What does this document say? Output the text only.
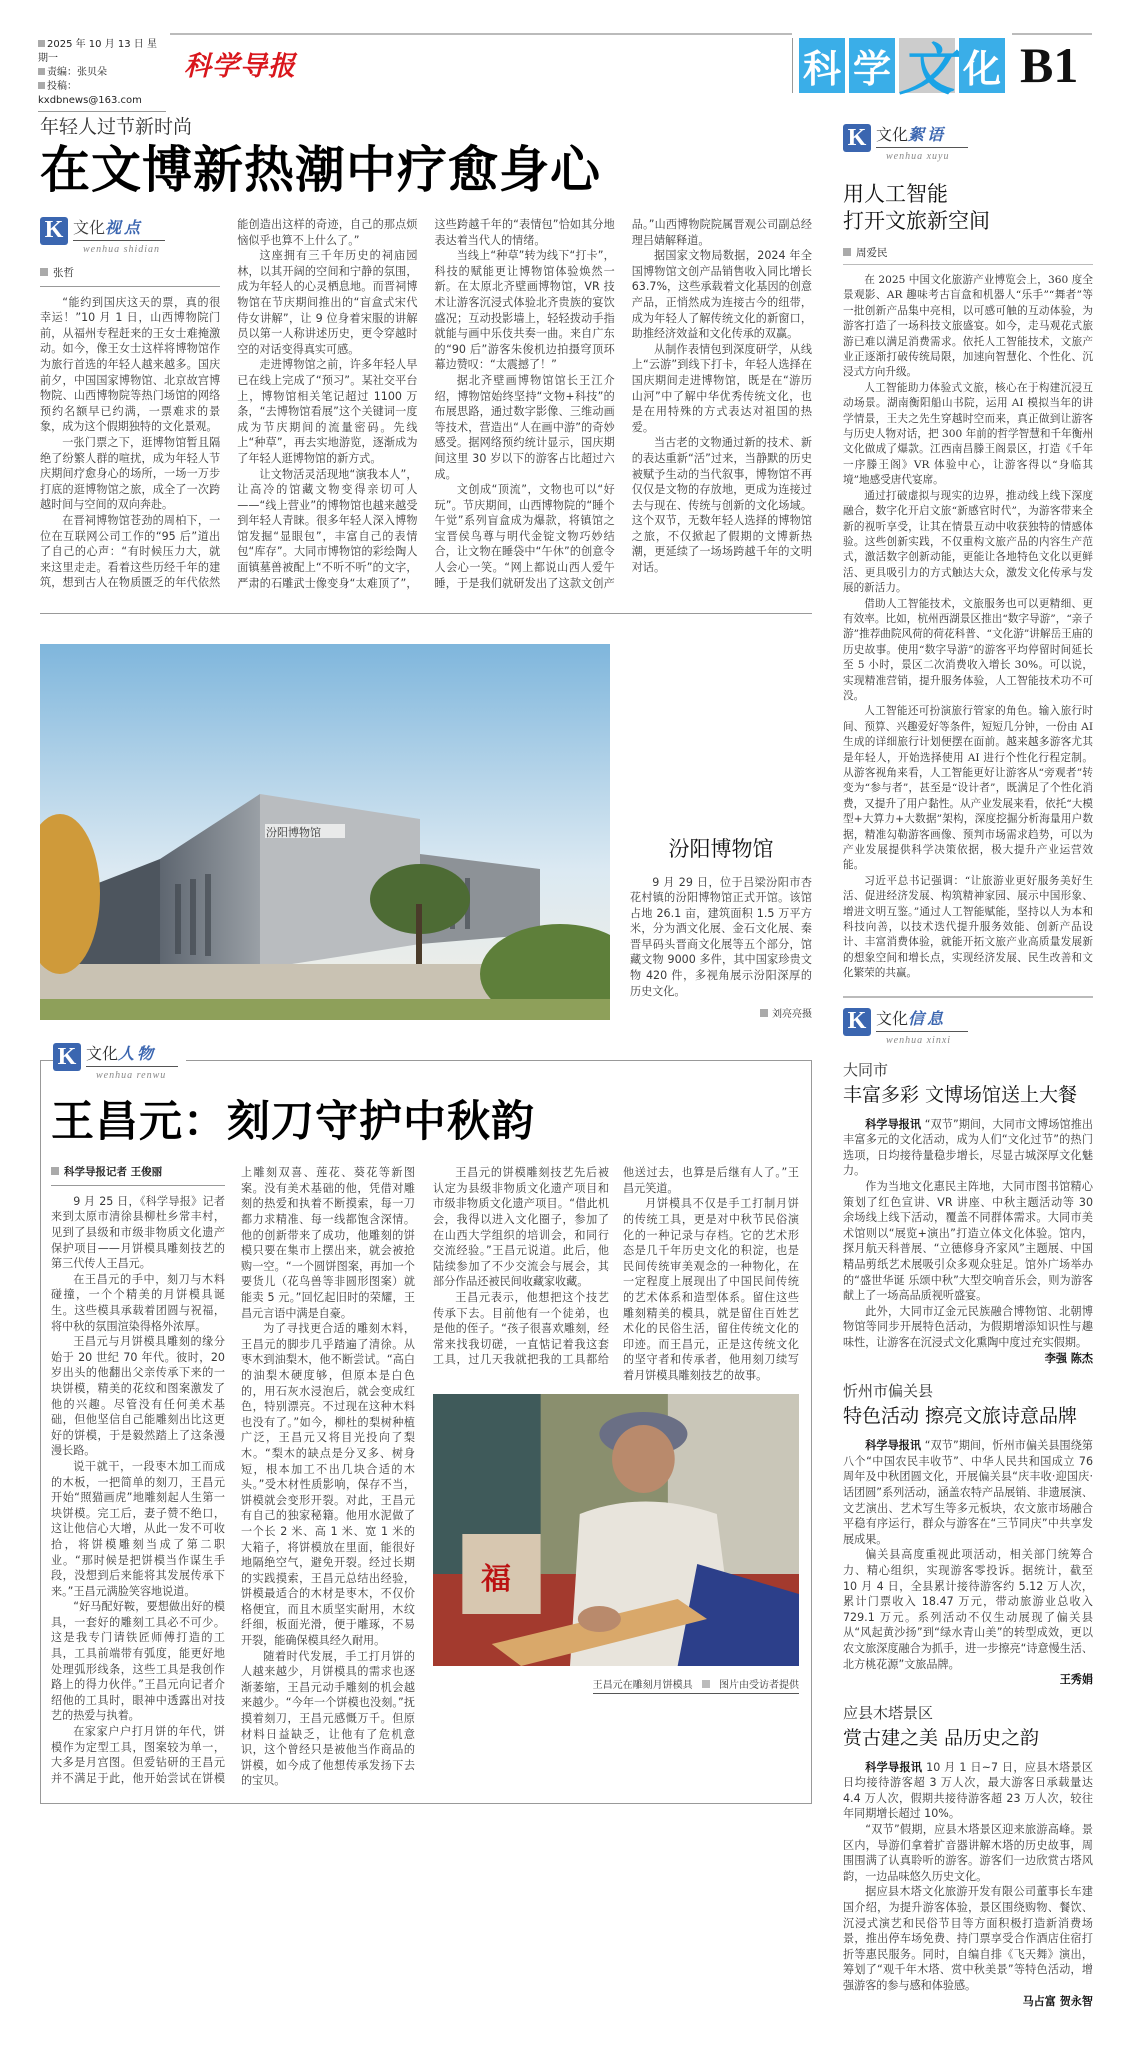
2025 年 10 月 13 日 星期一
责编：张贝朵
投稿：kxdbnews@163.com
科学导报	科 学 文 化 B1
年轻人过节新时尚
在文博新热潮中疗愈身心
K 文化视点
wenhua shidian
张哲

“能约到国庆这天的票，真的很幸运！”10 月 1 日，山西博物院门前，从福州专程赶来的王女士难掩激动。如今，像王女士这样将博物馆作为旅行首选的年轻人越来越多。国庆前夕，中国国家博物馆、北京故宫博物院、山西博物院等热门场馆的网络预约名额早已约满，一票难求的景象，成为这个假期独特的文化景观。

一张门票之下，逛博物馆暂且隔绝了纷繁人群的喧扰，成为年轻人节庆期间疗愈身心的场所，一场一万步打底的逛博物馆之旅，成全了一次跨越时间与空间的双向奔赴。

在晋祠博物馆苍劲的周柏下，一位在互联网公司工作的“95 后”道出了自己的心声：“有时候压力大，就来这里走走。看着这些历经千年的建筑，想到古人在物质匮乏的年代依然能创造出这样的奇迹，自己的那点烦恼似乎也算不上什么了。”

这座拥有三千年历史的祠庙园林，以其开阔的空间和宁静的氛围，成为年轻人的心灵栖息地。而晋祠博物馆在节庆期间推出的“盲盒式宋代侍女讲解”，让 9 位身着宋服的讲解员以第一人称讲述历史，更令穿越时空的对话变得真实可感。

走进博物馆之前，许多年轻人早已在线上完成了“预习”。某社交平台上，博物馆相关笔记超过 1100 万条，“去博物馆看展”这个关键词一度成为节庆期间的流量密码。先线上“种草”，再去实地游览，逐渐成为了年轻人逛博物馆的新方式。

让文物活灵活现地“演我本人”，让高冷的馆藏文物变得亲切可人——“线上营业”的博物馆也越来越受到年轻人青睐。很多年轻人深入博物馆发掘“显眼包”，丰富自己的表情包“库存”。大同市博物馆的彩绘陶人面镇墓兽被配上“不听不听”的文字，严肃的石雕武士像变身“太难顶了”，这些跨越千年的“表情包”恰如其分地表达着当代人的情绪。

当线上“种草”转为线下“打卡”，科技的赋能更让博物馆体验焕然一新。在太原北齐壁画博物馆，VR 技术让游客沉浸式体验北齐贵族的宴饮盛况；互动投影墙上，轻轻拨动手指就能与画中乐伎共奏一曲。来自广东的“90 后”游客朱俊机边拍摄穹顶环幕边赞叹：“太震撼了！”

据北齐壁画博物馆馆长王江介绍，博物馆始终坚持“文物+科技”的布展思路，通过数字影像、三维动画等技术，营造出“人在画中游”的奇妙感受。据网络预约统计显示，国庆期间这里 30 岁以下的游客占比超过六成。

文创成“顶流”，文物也可以“好玩”。节庆期间，山西博物院的“睡个午觉”系列盲盒成为爆款，将镇馆之宝晋侯鸟尊与明代金锭文物巧妙结合，让文物在睡袋中“午休”的创意令人会心一笑。“网上都说山西人爱午睡，于是我们就研发出了这款文创产品。”山西博物院院属晋观公司副总经理吕婧解释道。

据国家文物局数据，2024 年全国博物馆文创产品销售收入同比增长 63.7%，这些承载着文化基因的创意产品，正悄然成为连接古今的纽带，成为年轻人了解传统文化的新窗口，助推经济效益和文化传承的双赢。

从制作表情包到深度研学，从线上“云游”到线下打卡，年轻人选择在国庆期间走进博物馆，既是在“游历山河”中了解中华优秀传统文化，也是在用特殊的方式表达对祖国的热爱。

当古老的文物通过新的技术、新的表达重新“活”过来，当静默的历史被赋予生动的当代叙事，博物馆不再仅仅是文物的存放地，更成为连接过去与现在、传统与创新的文化场域。这个双节，无数年轻人选择的博物馆之旅，不仅掀起了假期的文博新热潮，更延续了一场场跨越千年的文明对话。

汾阳博物馆
汾阳博物馆

9 月 29 日，位于吕梁汾阳市杏花村镇的汾阳博物馆正式开馆。该馆占地 26.1 亩，建筑面积 1.5 万平方米，分为酒文化展、金石文化展、秦晋早码头晋商文化展等五个部分，馆藏文物 9000 多件，其中国家珍贵文物 420 件，多视角展示汾阳深厚的历史文化。

刘亮亮摄
K 文化人物
wenhua renwu
王昌元：刻刀守护中秋韵
科学导报记者 王俊丽

9 月 25 日，《科学导报》记者来到太原市清徐县柳杜乡常丰村，见到了县级和市级非物质文化遗产保护项目——月饼模具雕刻技艺的第三代传人王昌元。

在王昌元的手中，刻刀与木料碰撞，一个个精美的月饼模具诞生。这些模具承载着团圆与祝福，将中秋的氛围渲染得格外浓厚。

王昌元与月饼模具雕刻的缘分始于 20 世纪 70 年代。彼时，20 岁出头的他翻出父亲传承下来的一块饼模，精美的花纹和图案激发了他的兴趣。尽管没有任何美术基础，但他坚信自己能雕刻出比这更好的饼模，于是毅然踏上了这条漫漫长路。

说干就干，一段枣木加工而成的木板，一把简单的刻刀，王昌元开始“照猫画虎”地雕刻起人生第一块饼模。完工后，妻子赞不绝口，这让他信心大增，从此一发不可收拾，将饼模雕刻当成了第二职业。“那时候是把饼模当作谋生手段，没想到后来能将其发展传承下来。”王昌元满脸笑容地说道。

“好马配好鞍，要想做出好的模具，一套好的雕刻工具必不可少。这是我专门请铁匠师傅打造的工具，工具前端带有弧度，能更好地处理弧形线条，这些工具是我创作路上的得力伙伴。”王昌元向记者介绍他的工具时，眼神中透露出对技艺的热爱与执着。

在家家户户打月饼的年代，饼模作为定型工具，图案较为单一，大多是月宫图。但爱钻研的王昌元并不满足于此，他开始尝试在饼模上雕刻双喜、莲花、葵花等新图案。没有美术基础的他，凭借对雕刻的热爱和执着不断摸索，每一刀都力求精准、每一线都饱含深情。他的创新带来了成功，他雕刻的饼模只要在集市上摆出来，就会被抢购一空。“一个圆饼图案，再加一个要货儿（花鸟兽等非圆形图案）就能卖 5 元。”回忆起旧时的荣耀，王昌元言语中满是自豪。

为了寻找更合适的雕刻木料，王昌元的脚步几乎踏遍了清徐。从枣木到油梨木，他不断尝试。“高白的油梨木硬度够，但原本是白色的，用石灰水浸泡后，就会变成红色，特别漂亮。不过现在这种木料也没有了。”如今，柳杜的梨树种植广泛，王昌元又将目光投向了梨木。“梨木的缺点是分叉多、树身短，根本加工不出几块合适的木头。”受木材性质影响，保存不当，饼模就会变形开裂。对此，王昌元有自己的独家秘籍。他用水泥做了一个长 2 米、高 1 米、宽 1 米的大箱子，将饼模放在里面，能很好地隔绝空气，避免开裂。经过长期的实践摸索，王昌元总结出经验，饼模最适合的木材是枣木，不仅价格便宜，而且木质坚实耐用，木纹纤细，板面光滑，便于雕琢，不易开裂，能确保模具经久耐用。

随着时代发展，手工打月饼的人越来越少，月饼模具的需求也逐渐萎缩，王昌元动手雕刻的机会越来越少。“今年一个饼模也没刻。”抚摸着刻刀，王昌元感慨万千。但原材料日益缺乏，让他有了危机意识，这个曾经只是被他当作商品的饼模，如今成了他想传承发扬下去的宝贝。

王昌元的饼模雕刻技艺先后被认定为县级非物质文化遗产项目和市级非物质文化遗产项目。“借此机会，我得以进入文化圈子，参加了在山西大学组织的培训会，和同行交流经验。”王昌元说道。此后，他陆续参加了不少交流会与展会，其部分作品还被民间收藏家收藏。

王昌元表示，他想把这个技艺传承下去。目前他有一个徒弟，也是他的侄子。“孩子很喜欢雕刻，经常来找我切磋，一直惦记着我这套工具，过几天我就把我的工具都给他送过去，也算是后继有人了。”王昌元笑道。

月饼模具不仅是手工打制月饼的传统工具，更是对中秋节民俗演化的一种记录与存档。它的艺术形态是几千年历史文化的积淀，也是民间传统审美观念的一种物化，在一定程度上展现出了中国民间传统的艺术体系和造型体系。留住这些雕刻精美的模具，就是留住百姓艺术化的民俗生活，留住传统文化的印迹。而王昌元，正是这传统文化的坚守者和传承者，他用刻刀续写着月饼模具雕刻技艺的故事。

福
王昌元在雕刻月饼模具	图片由受访者提供
K 文化絮语
wenhua xuyu
用人工智能
打开文旅新空间
周爱民

在 2025 中国文化旅游产业博览会上，360 度全景观影、AR 趣味考古盲盒和机器人“乐手”“舞者”等一批创新产品集中亮相，以可感可触的互动体验，为游客打造了一场科技文旅盛宴。如今，走马观花式旅游已难以满足消费需求。依托人工智能技术，文旅产业正逐渐打破传统局限，加速向智慧化、个性化、沉浸式方向升级。

人工智能助力体验式文旅，核心在于构建沉浸互动场景。湖南衡阳船山书院，运用 AI 模拟当年的讲学情景，王夫之先生穿越时空而来，真正做到让游客与历史人物对话，把 300 年前的哲学智慧和千年衡州文化做成了爆款。江西南昌滕王阁景区，打造《千年一序滕王阁》VR 体验中心，让游客得以“身临其境”地感受唐代宴席。

通过打破虚拟与现实的边界，推动线上线下深度融合，数字化开启文旅“新感官时代”，为游客带来全新的视听享受，让其在情景互动中收获独特的情感体验。这些创新实践，不仅重构文旅产品的内容生产范式，激活数字创新动能，更能让各地特色文化以更鲜活、更具吸引力的方式触达大众，激发文化传承与发展的新活力。

借助人工智能技术，文旅服务也可以更精细、更有效率。比如，杭州西湖景区推出“数字导游”，“亲子游”推荐曲院风荷的荷花科普、“文化游”讲解岳王庙的历史故事。使用“数字导游”的游客平均停留时间延长至 5 小时，景区二次消费收入增长 30%。可以说，实现精准营销，提升服务体验，人工智能技术功不可没。

人工智能还可扮演旅行管家的角色。输入旅行时间、预算、兴趣爱好等条件，短短几分钟，一份由 AI 生成的详细旅行计划便摆在面前。越来越多游客尤其是年轻人，开始选择使用 AI 进行个性化行程定制。从游客视角来看，人工智能更好让游客从“旁观者”转变为“参与者”，甚至是“设计者”，既满足了个性化消费，又提升了用户黏性。从产业发展来看，依托“大模型+大算力+大数据”架构，深度挖掘分析海量用户数据，精准勾勒游客画像、预判市场需求趋势，可以为产业发展提供科学决策依据，极大提升产业运营效能。

习近平总书记强调：“让旅游业更好服务美好生活、促进经济发展、构筑精神家园、展示中国形象、增进文明互鉴。”通过人工智能赋能，坚持以人为本和科技向善，以技术迭代提升服务效能、创新产品设计、丰富消费体验，就能开拓文旅产业高质量发展新的想象空间和增长点，实现经济发展、民生改善和文化繁荣的共赢。

K 文化信息
wenhua xinxi
大同市
丰富多彩 文博场馆送上大餐

科学导报讯 “双节”期间，大同市文博场馆推出丰富多元的文化活动，成为人们“文化过节”的热门选项，日均接待量稳步增长，尽显古城深厚文化魅力。

作为当地文化惠民主阵地，大同市图书馆精心策划了红色宣讲、VR 讲座、中秋主题活动等 30 余场线上线下活动，覆盖不同群体需求。大同市美术馆则以“展览+演出”打造立体文化体验。馆内，探月航天科普展、“立德修身齐家风”主题展、中国精品剪纸艺术展吸引众多观众驻足。馆外广场举办的“盛世华诞 乐颂中秋”大型交响音乐会，则为游客献上了一场高品质视听盛宴。

此外，大同市辽金元民族融合博物馆、北朝博物馆等同步开展特色活动，为假期增添知识性与趣味性，让游客在沉浸式文化熏陶中度过充实假期。

李强 陈杰
忻州市偏关县
特色活动 擦亮文旅诗意品牌

科学导报讯 “双节”期间，忻州市偏关县围绕第八个“中国农民丰收节”、中华人民共和国成立 76 周年及中秋团圆文化，开展偏关县“庆丰收·迎国庆·话团圆”系列活动，涵盖农特产品展销、非遗展演、文艺演出、艺术写生等多元板块，农文旅市场融合平稳有序运行，群众与游客在“三节同庆”中共享发展成果。

偏关县高度重视此项活动，相关部门统筹合力、精心组织，实现游客零投诉。据统计，截至 10 月 4 日，全县累计接待游客约 5.12 万人次，累计门票收入 18.47 万元，带动旅游业总收入 729.1 万元。系列活动不仅生动展现了偏关县从“风起黄沙扬”到“绿水青山美”的转型成效，更以农文旅深度融合为抓手，进一步擦亮“诗意慢生活、北方桃花源”文旅品牌。

王秀娟
应县木塔景区
赏古建之美 品历史之韵

科学导报讯 10 月 1 日~7 日，应县木塔景区日均接待游客超 3 万人次，最大游客日承载量达 4.4 万人次，假期共接待游客超 23 万人次，较往年同期增长超过 10%。

“双节”假期，应县木塔景区迎来旅游高峰。景区内，导游们拿着扩音器讲解木塔的历史故事，周围围满了认真聆听的游客。游客们一边欣赏古塔风韵，一边品味悠久历史文化。

据应县木塔文化旅游开发有限公司董事长车建国介绍，为提升游客体验，景区围绕购物、餐饮、沉浸式演艺和民俗节目等方面积极打造新消费场景，推出停车场免费、持门票享受合作酒店住宿打折等惠民服务。同时，自编自排《飞天舞》演出，筹划了“观千年木塔、赏中秋美景”等特色活动，增强游客的参与感和体验感。

马占富 贺永智
